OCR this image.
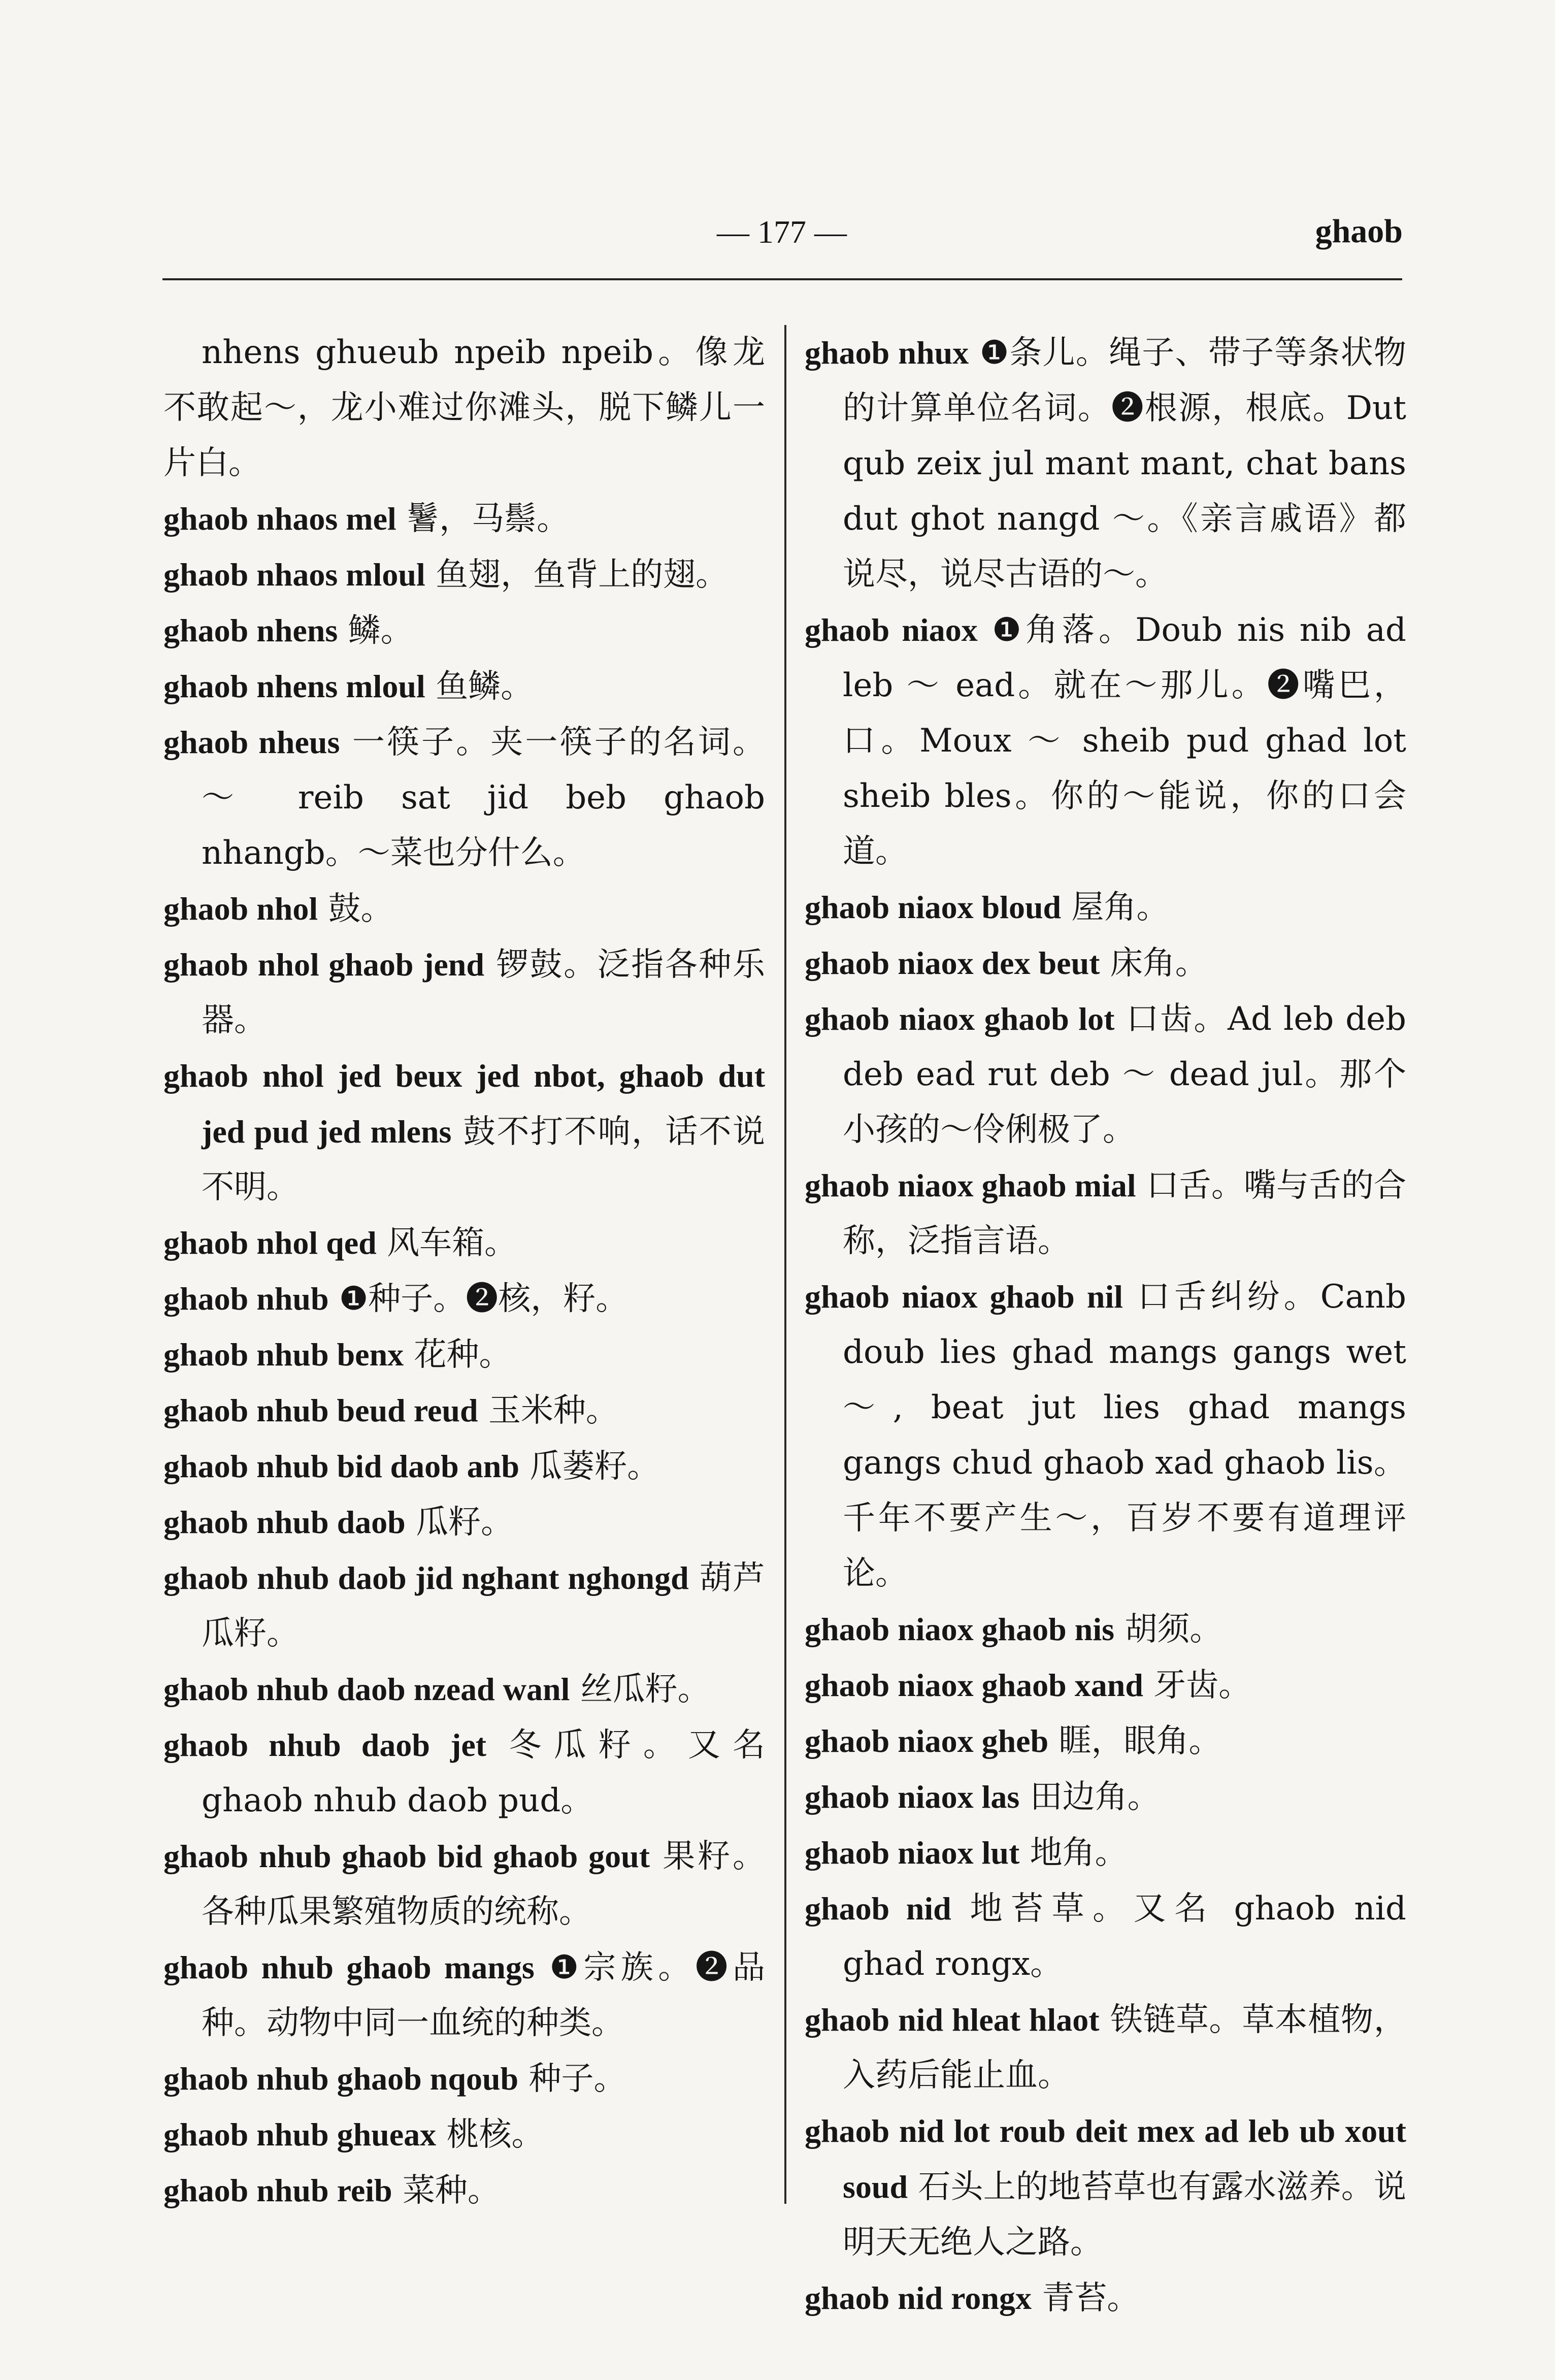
— 177 —	ghaob

nhens ghueub npeib npeib。像龙不敢起～，龙小难过你滩头，脱下鳞儿一片白。

ghaob nhaos mel 鬐，马鬃。

ghaob nhaos mloul 鱼翅，鱼背上的翅。

ghaob nhens 鳞。

ghaob nhens mloul 鱼鳞。

ghaob nheus 一筷子。夹一筷子的名词。～ reib sat jid beb ghaob nhangb。～菜也分什么。

ghaob nhol 鼓。

ghaob nhol ghaob jend 锣鼓。泛指各种乐器。

ghaob nhol jed beux jed nbot, ghaob dut jed pud jed mlens 鼓不打不响，话不说不明。

ghaob nhol qed 风车箱。

ghaob nhub ❶种子。❷核，籽。

ghaob nhub benx 花种。

ghaob nhub beud reud 玉米种。

ghaob nhub bid daob anb 瓜蒌籽。

ghaob nhub daob 瓜籽。

ghaob nhub daob jid nghant nghongd 葫芦瓜籽。

ghaob nhub daob nzead wanl 丝瓜籽。

ghaob nhub daob jet 冬瓜籽。又名 ghaob nhub daob pud。

ghaob nhub ghaob bid ghaob gout 果籽。各种瓜果繁殖物质的统称。

ghaob nhub ghaob mangs ❶宗族。❷品种。动物中同一血统的种类。

ghaob nhub ghaob nqoub 种子。

ghaob nhub ghueax 桃核。

ghaob nhub reib 菜种。

ghaob nhux ❶条儿。绳子、带子等条状物的计算单位名词。❷根源，根底。Dut qub zeix jul mant mant, chat bans dut ghot nangd ～。《亲言戚语》都说尽，说尽古语的～。

ghaob niaox ❶角落。Doub nis nib ad leb ～ ead。就在～那儿。❷嘴巴，口。Moux ～ sheib pud ghad lot sheib bles。你的～能说，你的口会道。

ghaob niaox bloud 屋角。

ghaob niaox dex beut 床角。

ghaob niaox ghaob lot 口齿。Ad leb deb deb ead rut deb ～ dead jul。那个小孩的～伶俐极了。

ghaob niaox ghaob mial 口舌。嘴与舌的合称，泛指言语。

ghaob niaox ghaob nil 口舌纠纷。Canb doub lies ghad mangs gangs wet ～, beat jut lies ghad mangs gangs chud ghaob xad ghaob lis。千年不要产生～，百岁不要有道理评论。

ghaob niaox ghaob nis 胡须。

ghaob niaox ghaob xand 牙齿。

ghaob niaox gheb 睚，眼角。

ghaob niaox las 田边角。

ghaob niaox lut 地角。

ghaob nid 地苔草。又名 ghaob nid ghad rongx。

ghaob nid hleat hlaot 铁链草。草本植物，入药后能止血。

ghaob nid lot roub deit mex ad leb ub xout soud 石头上的地苔草也有露水滋养。说明天无绝人之路。

ghaob nid rongx 青苔。
